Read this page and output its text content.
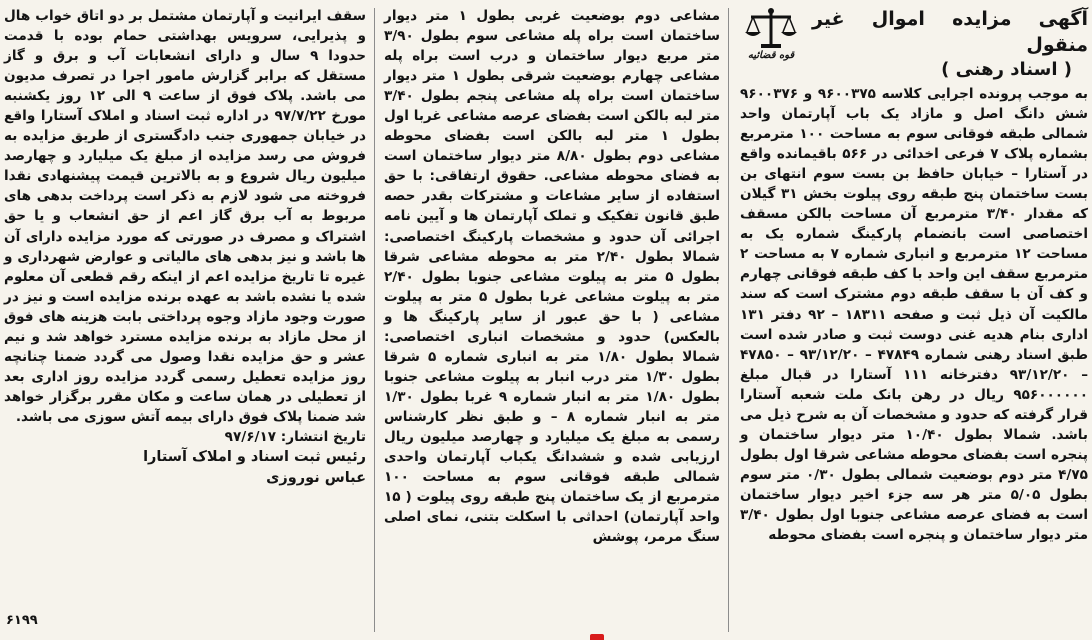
آگهی مزایده اموال غیر منقول
( اسناد رهنی )
قوه قضائیه

به موجب پرونده اجرایی کلاسه ۹۶۰۰۳۷۵ و ۹۶۰۰۳۷۶ شش دانگ اصل و مازاد یک باب آپارتمان واحد شمالی طبقه فوقانی سوم به مساحت ۱۰۰ مترمربع بشماره پلاک ۷ فرعی اخدائی در ۵۶۶ باقیمانده واقع در آستارا – خیابان حافظ بن بست سوم انتهای بن بست ساختمان پنج طبقه روی پیلوت بخش ۳۱ گیلان که مقدار ۳/۴۰ مترمربع آن مساحت بالکن مسقف اختصاصی است بانضمام پارکینگ شماره یک به مساحت ۱۲ مترمربع و انباری شماره ۷ به مساحت ۲ مترمربع سقف این واحد با کف طبقه فوقانی چهارم و کف آن با سقف طبقه دوم مشترک است که سند مالکیت آن ذیل ثبت و صفحه ۱۸۳۱۱ – ۹۲ دفتر ۱۳۱ اداری بنام هدیه غنی دوست ثبت و صادر شده است طبق اسناد رهنی شماره ۴۷۸۴۹ – ۹۳/۱۲/۲۰ – ۴۷۸۵۰ – ۹۳/۱۲/۲۰ دفترخانه ۱۱۱ آستارا در قبال مبلغ ۹۵۶۰۰۰۰۰۰ ریال در رهن بانک ملت شعبه آستارا قرار گرفته که حدود و مشخصات آن به شرح ذیل می باشد. شمالا بطول ۱۰/۴۰ متر دیوار ساختمان و پنجره است بفضای محوطه مشاعی شرقا اول بطول ۴/۷۵ متر دوم بوضعیت شمالی بطول ۰/۳۰ متر سوم بطول ۵/۰۵ متر هر سه جزء اخیر دیوار ساختمان است به فضای عرصه مشاعی جنوبا اول بطول ۳/۴۰ متر دیوار ساختمان و پنجره است بفضای محوطه

مشاعی دوم بوضعیت غربی بطول ۱ متر دیوار ساختمان است براه پله مشاعی سوم بطول ۳/۹۰ متر مربع دیوار ساختمان و درب است براه پله مشاعی چهارم بوضعیت شرقی بطول ۱ متر دیوار ساختمان است براه پله مشاعی پنجم بطول ۳/۴۰ متر لبه بالکن است بفضای عرصه مشاعی غربا اول بطول ۱ متر لبه بالکن است بفضای محوطه مشاعی دوم بطول ۸/۸۰ متر دیوار ساختمان است به فضای محوطه مشاعی. حقوق ارتفاقی: با حق استفاده از سایر مشاعات و مشترکات بقدر حصه طبق قانون تفکیک و تملک آپارتمان ها و آیین نامه اجرائی آن حدود و مشخصات پارکینگ اختصاصی: شمالا بطول ۲/۴۰ متر به محوطه مشاعی شرقا بطول ۵ متر به پیلوت مشاعی جنوبا بطول ۲/۴۰ متر به پیلوت مشاعی غربا بطول ۵ متر به پیلوت مشاعی ( با حق عبور از سایر پارکینگ ها و بالعکس) حدود و مشخصات انباری اختصاصی: شمالا بطول ۱/۸۰ متر به انباری شماره ۵ شرقا بطول ۱/۳۰ متر درب انبار به پیلوت مشاعی جنوبا بطول ۱/۸۰ متر به انبار شماره ۹ غربا بطول ۱/۳۰ متر به انبار شماره ۸ – و طبق نظر کارشناس رسمی به مبلغ یک میلیارد و چهارصد میلیون ریال ارزیابی شده و ششدانگ یکباب آپارتمان واحدی شمالی طبقه فوقانی سوم به مساحت ۱۰۰ مترمربع از یک ساختمان پنج طبقه روی پیلوت ( ۱۵ واحد آپارتمان) احداثی با اسکلت بتنی، نمای اصلی سنگ مرمر، پوشش

سقف ایرانیت و آپارتمان مشتمل بر دو اتاق خواب هال و پذیرایی، سرویس بهداشتی حمام بوده با قدمت حدودا ۹ سال و دارای انشعابات آب و برق و گاز مستقل که برابر گزارش مامور اجرا در تصرف مدیون می باشد. پلاک فوق از ساعت ۹ الی ۱۲ روز یکشنبه مورخ ۹۷/۷/۲۲ در اداره ثبت اسناد و املاک آستارا واقع در خیابان جمهوری جنب دادگستری از طریق مزایده به فروش می رسد مزایده از مبلغ یک میلیارد و چهارصد میلیون ریال شروع و به بالاترین قیمت پیشنهادی نقدا فروخته می شود لازم به ذکر است پرداخت بدهی های مربوط به آب برق گاز اعم از حق انشعاب و یا حق اشتراک و مصرف در صورتی که مورد مزایده دارای آن ها باشد و نیز بدهی های مالیاتی و عوارض شهرداری و غیره تا تاریخ مزایده اعم از اینکه رقم قطعی آن معلوم شده یا نشده باشد به عهده برنده مزایده است و نیز در صورت وجود مازاد وجوه پرداختی بابت هزینه های فوق از محل مازاد به برنده مزایده مسترد خواهد شد و نیم عشر و حق مزایده نقدا وصول می گردد ضمنا چنانچه روز مزایده تعطیل رسمی گردد مزایده روز اداری بعد از تعطیلی در همان ساعت و مکان مقرر برگزار خواهد شد ضمنا پلاک فوق دارای بیمه آتش سوزی می باشد.

تاریخ انتشار: ۹۷/۶/۱۷
رئیس ثبت اسناد و املاک آستارا
عباس نوروزی
۶۱۹۹
